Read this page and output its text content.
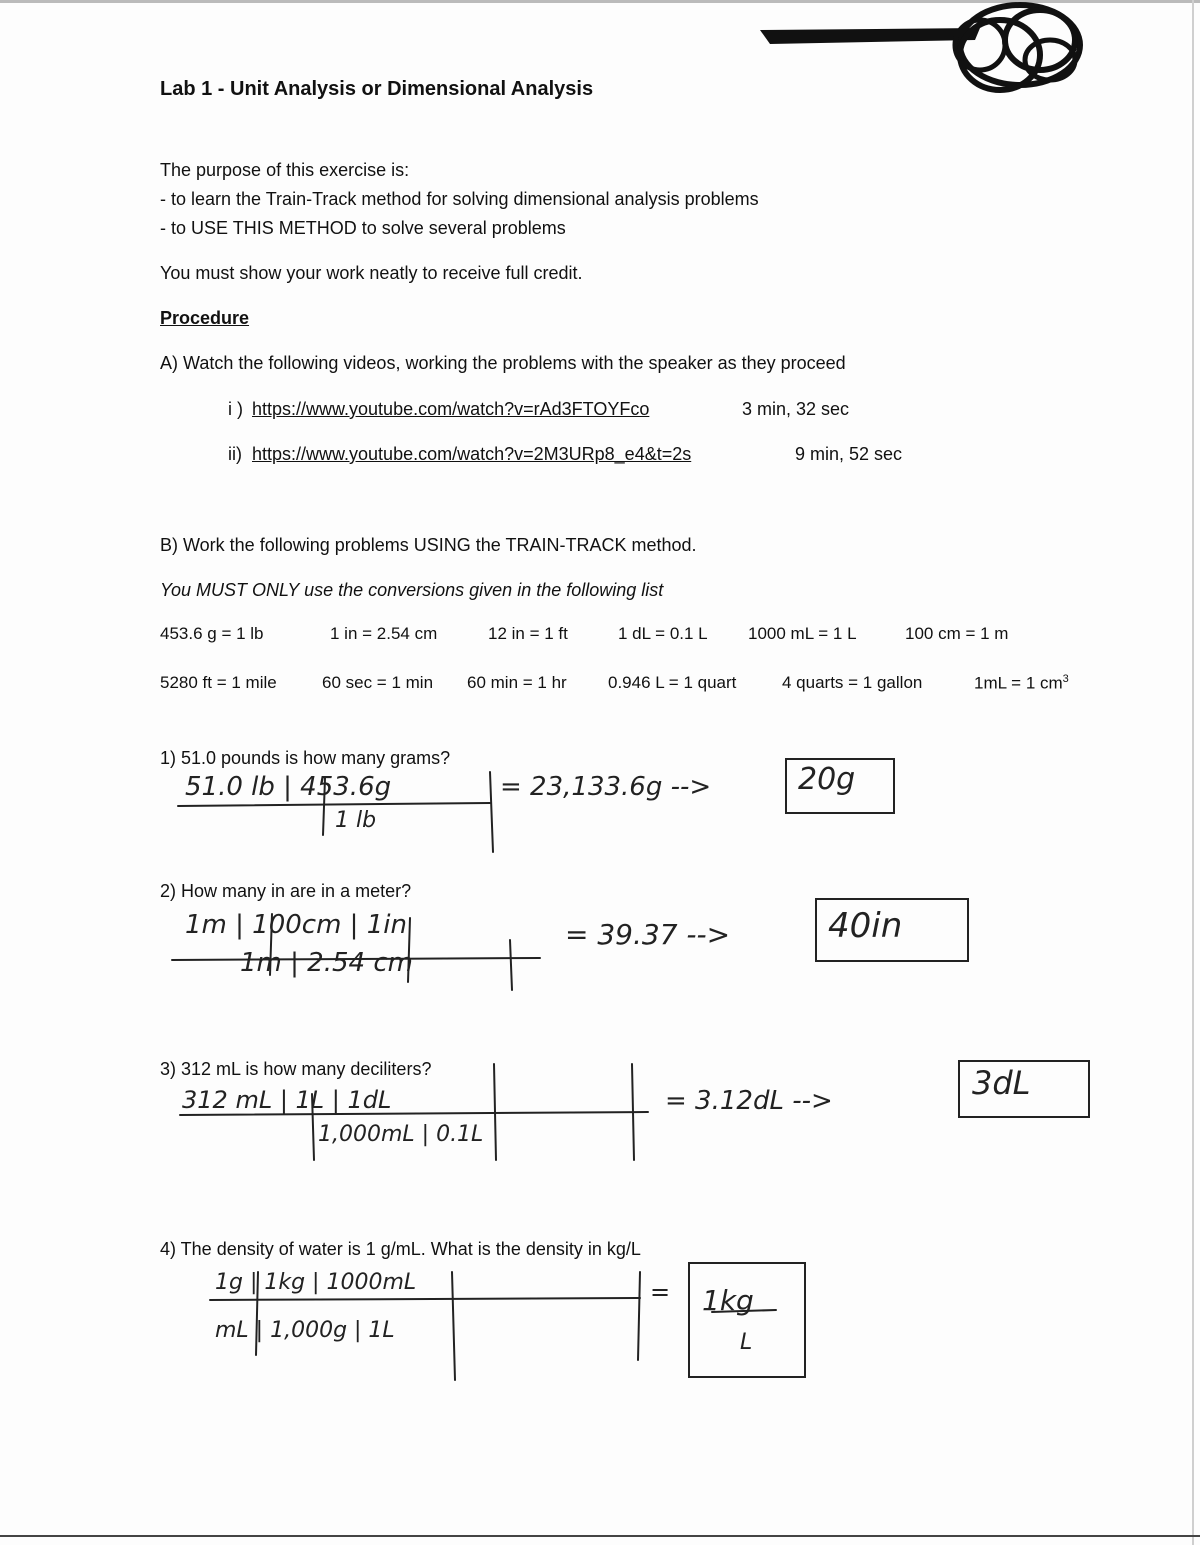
Lab 1 - Unit Analysis or Dimensional Analysis
The purpose of this exercise is:
- to learn the Train-Track method for solving dimensional analysis problems
- to USE THIS METHOD to solve several problems
You must show your work neatly to receive full credit.
Procedure
A) Watch the following videos, working the problems with the speaker as they proceed
i ) https://www.youtube.com/watch?v=rAd3FTOYFco	3 min, 32 sec
ii) https://www.youtube.com/watch?v=2M3URp8_e4&t=2s	9 min, 52 sec
B) Work the following problems USING the TRAIN-TRACK method.
You MUST ONLY use the conversions given in the following list
453.6 g = 1 lb	1 in = 2.54 cm	12 in = 1 ft	1 dL = 0.1 L 1000 mL = 1 L	100 cm = 1 m
5280 ft = 1 mile	60 sec = 1 min 60 min = 1 hr 0.946 L = 1 quart	4 quarts = 1 gallon	1mL = 1 $cm^3$
1) 51.0 pounds is how many grams?
51.0 lb | 453.6g
1 lb
= 23,133.6g -->	20g
2) How many in are in a meter?
1m | 100cm | 1in
1m | 2.54 cm
= 39.37 -->	40in
3) 312 mL is how many deciliters?
312 mL | 1L | 1dL
1,000mL | 0.1L
= 3.12dL -->	3dL
4) The density of water is 1 g/mL. What is the density in kg/L
1g | 1kg | 1000mL
mL | 1,000g | 1L
= 1kg
L
